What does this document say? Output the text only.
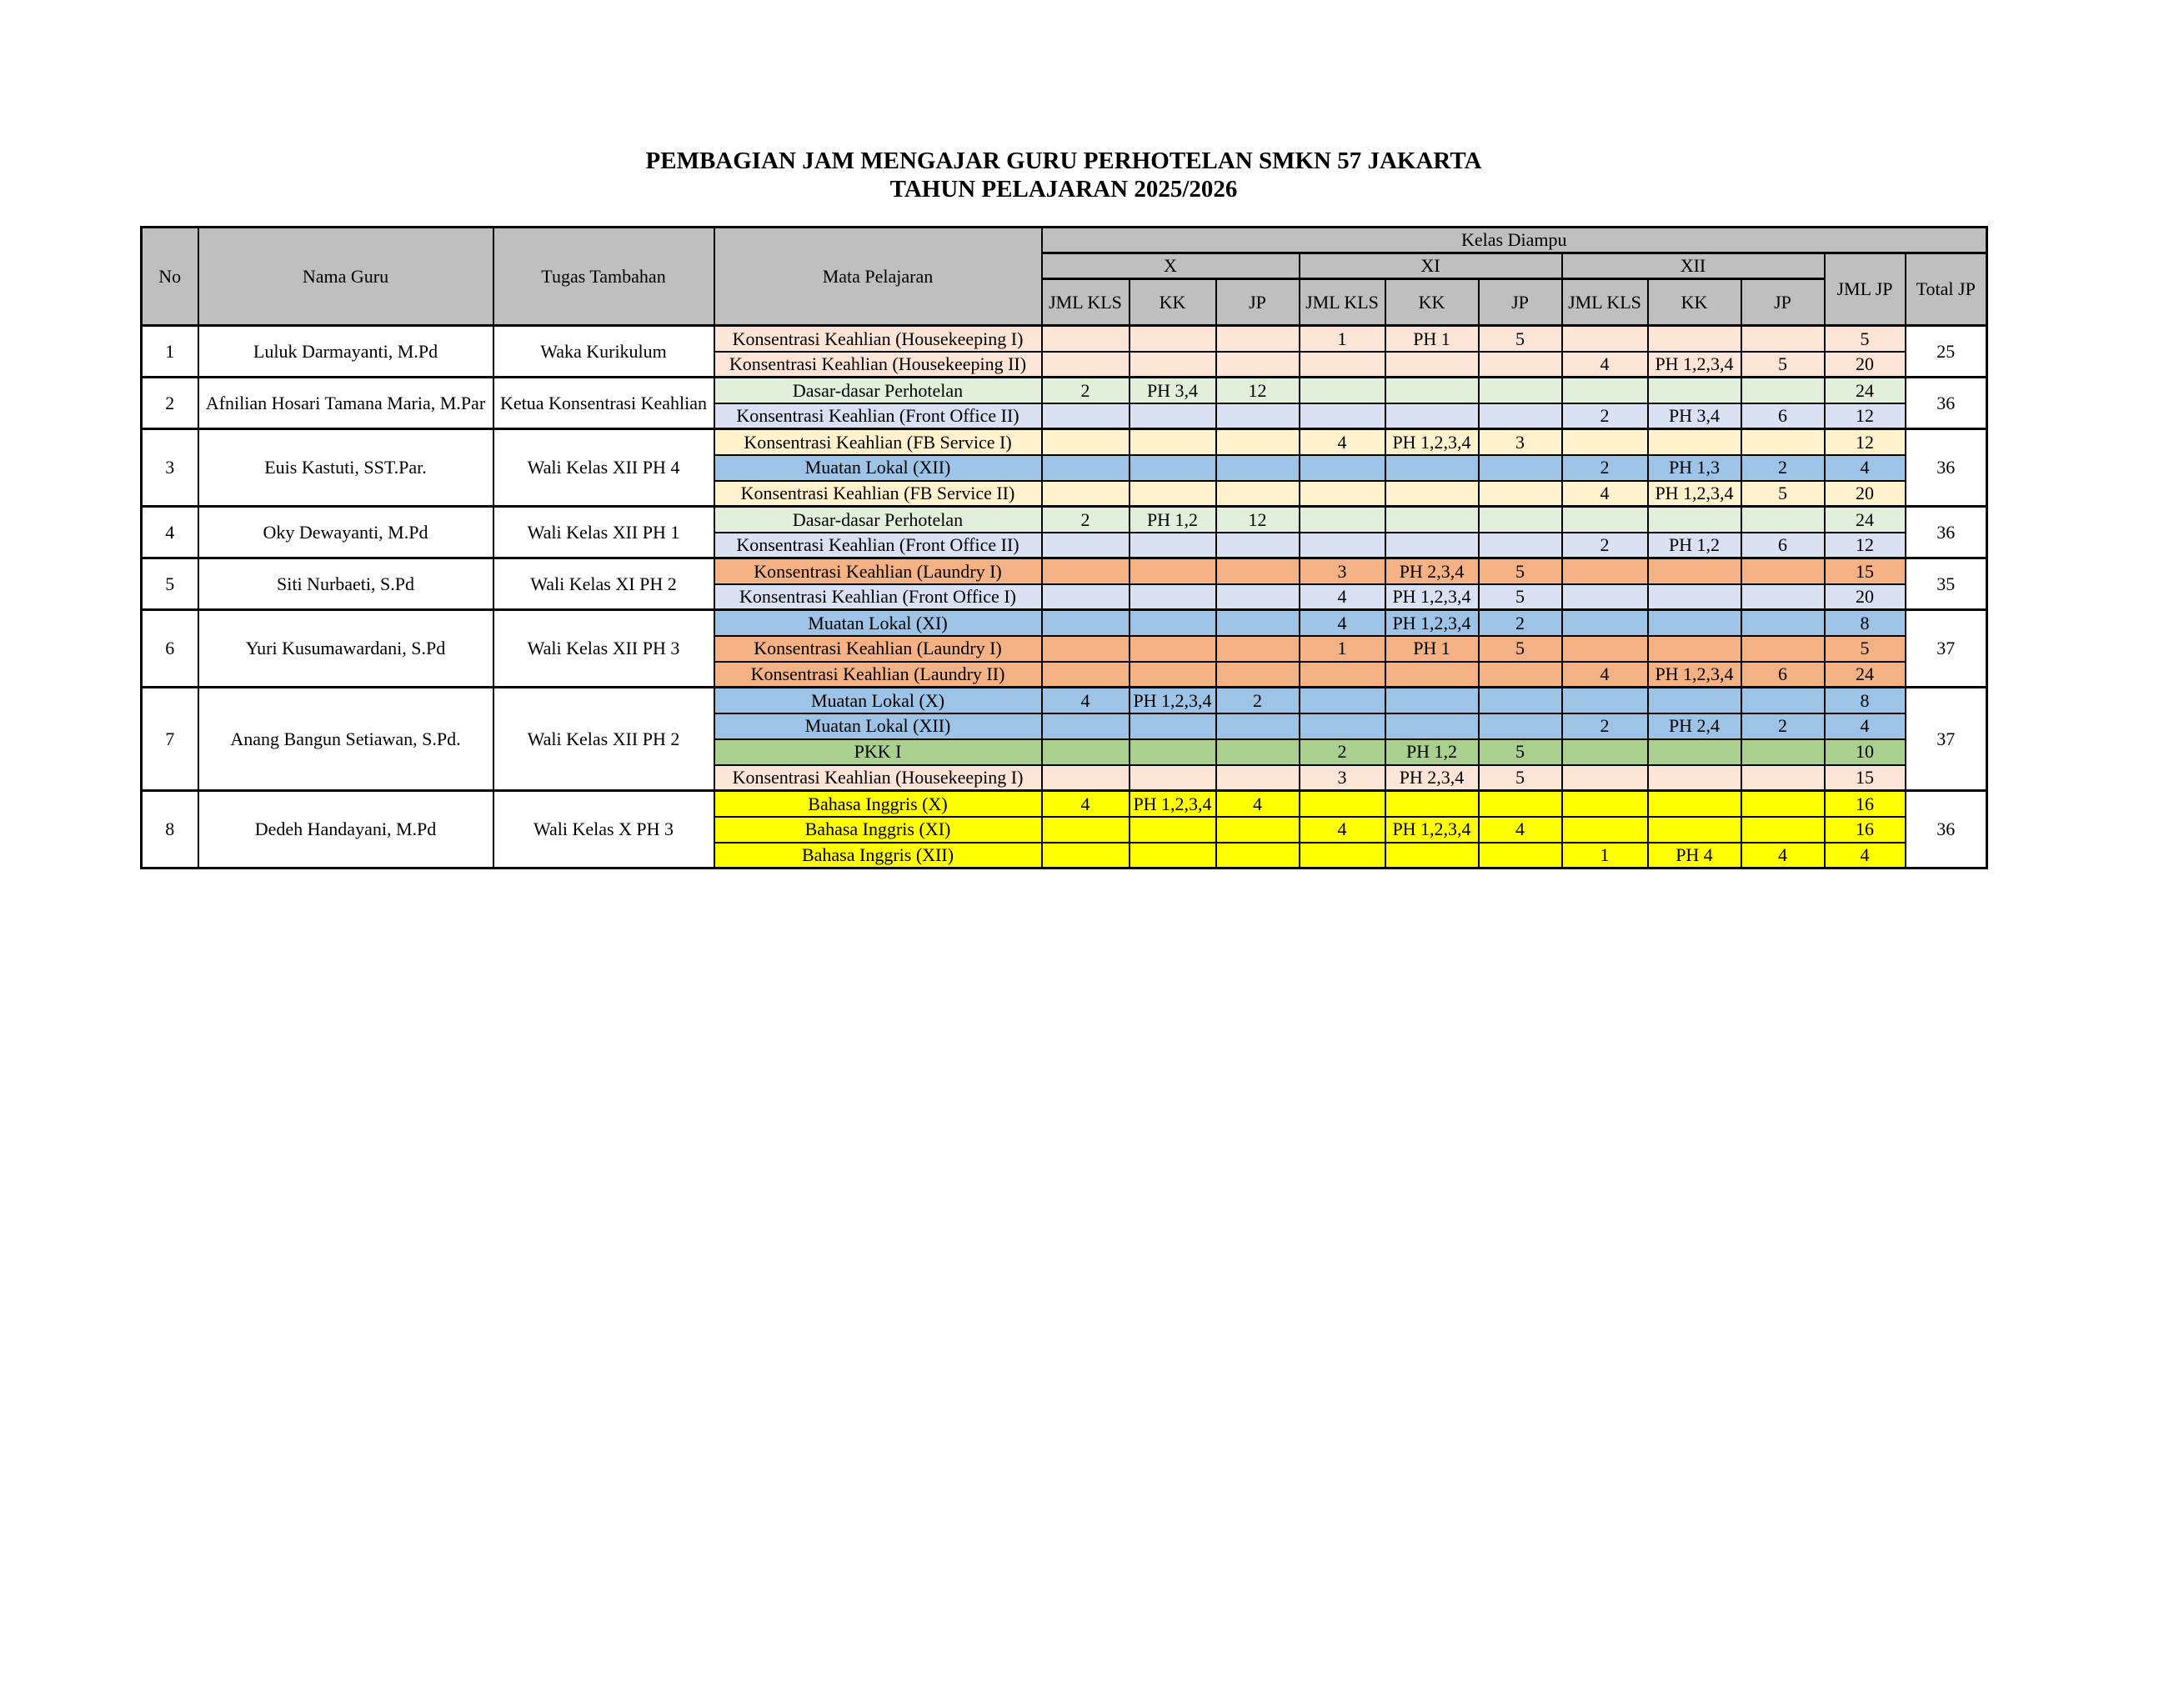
PEMBAGIAN JAM MENGAJAR GURU PERHOTELAN SMKN 57 JAKARTA
TAHUN PELAJARAN 2025/2026
No	Nama Guru	Tugas Tambahan	Mata Pelajaran	Kelas Diampu										
				X			XI			XII			JML JP	Total JP
				JML KLS	KK	JP	JML KLS	KK	JP	JML KLS	KK	JP		
1	Luluk Darmayanti, M.Pd	Waka Kurikulum	Konsentrasi Keahlian (Housekeeping I)				1	PH 1	5				5	25
			Konsentrasi Keahlian (Housekeeping II)							4	PH 1,2,3,4	5	20	
2	Afnilian Hosari Tamana Maria, M.Par	Ketua Konsentrasi Keahlian	Dasar-dasar Perhotelan	2	PH 3,4	12							24	36
			Konsentrasi Keahlian (Front Office II)							2	PH 3,4	6	12	
3	Euis Kastuti, SST.Par.	Wali Kelas XII PH 4	Konsentrasi Keahlian (FB Service I)				4	PH 1,2,3,4	3				12	36
			Muatan Lokal (XII)							2	PH 1,3	2	4	
			Konsentrasi Keahlian (FB Service II)							4	PH 1,2,3,4	5	20	
4	Oky Dewayanti, M.Pd	Wali Kelas XII PH 1	Dasar-dasar Perhotelan	2	PH 1,2	12							24	36
			Konsentrasi Keahlian (Front Office II)							2	PH 1,2	6	12	
5	Siti Nurbaeti, S.Pd	Wali Kelas XI PH 2	Konsentrasi Keahlian (Laundry I)				3	PH 2,3,4	5				15	35
			Konsentrasi Keahlian (Front Office I)				4	PH 1,2,3,4	5				20	
6	Yuri Kusumawardani, S.Pd	Wali Kelas XII PH 3	Muatan Lokal (XI)				4	PH 1,2,3,4	2				8	37
			Konsentrasi Keahlian (Laundry I)				1	PH 1	5				5	
			Konsentrasi Keahlian (Laundry II)							4	PH 1,2,3,4	6	24	
7	Anang Bangun Setiawan, S.Pd.	Wali Kelas XII PH 2	Muatan Lokal (X)	4	PH 1,2,3,4	2							8	37
			Muatan Lokal (XII)							2	PH 2,4	2	4	
			PKK I				2	PH 1,2	5				10	
			Konsentrasi Keahlian (Housekeeping I)				3	PH 2,3,4	5				15	
8	Dedeh Handayani, M.Pd	Wali Kelas X PH 3	Bahasa Inggris (X)	4	PH 1,2,3,4	4							16	36
			Bahasa Inggris (XI)				4	PH 1,2,3,4	4				16	
			Bahasa Inggris (XII)							1	PH 4	4	4	
